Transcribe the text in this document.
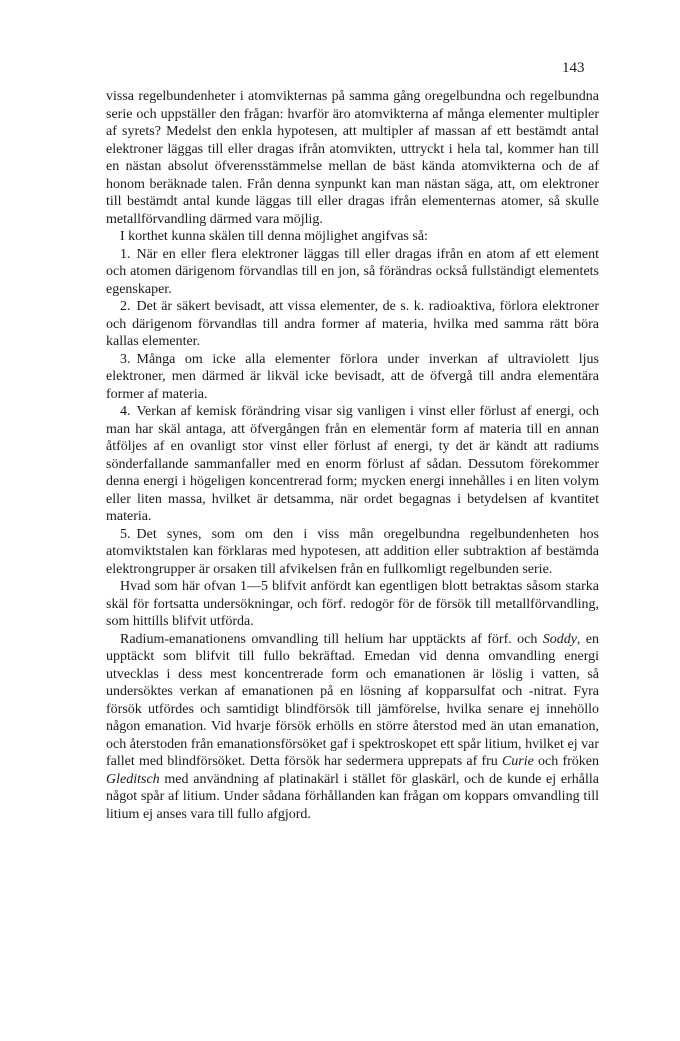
143

vissa regelbundenheter i atomvikternas på samma gång oregelbundna och regelbundna serie och uppställer den frågan: hvarför äro atomvikterna af många elementer multipler af syrets? Medelst den enkla hypotesen, att multipler af massan af ett bestämdt antal elektroner läggas till eller dragas ifrån atomvikten, uttryckt i hela tal, kommer han till en nästan absolut öfverensstämmelse mellan de bäst kända atomvikterna och de af honom beräknade talen. Från denna synpunkt kan man nästan säga, att, om elektroner till bestämdt antal kunde läggas till eller dragas ifrån elementernas atomer, så skulle metallförvandling därmed vara möjlig.

I korthet kunna skälen till denna möjlighet angifvas så:

1. När en eller flera elektroner läggas till eller dragas ifrån en atom af ett element och atomen därigenom förvandlas till en jon, så förändras också fullständigt elementets egenskaper.

2. Det är säkert bevisadt, att vissa elementer, de s. k. radioaktiva, förlora elektroner och därigenom förvandlas till andra former af materia, hvilka med samma rätt böra kallas elementer.

3. Många om icke alla elementer förlora under inverkan af ultraviolett ljus elektroner, men därmed är likväl icke bevisadt, att de öfvergå till andra elementära former af materia.

4. Verkan af kemisk förändring visar sig vanligen i vinst eller förlust af energi, och man har skäl antaga, att öfvergången från en elementär form af materia till en annan åtföljes af en ovanligt stor vinst eller förlust af energi, ty det är kändt att radiums sönderfallande sammanfaller med en enorm förlust af sådan. Dessutom förekommer denna energi i högeligen koncentrerad form; mycken energi innehålles i en liten volym eller liten massa, hvilket är detsamma, när ordet begagnas i betydelsen af kvantitet materia.

5. Det synes, som om den i viss mån oregelbundna regelbundenheten hos atomviktstalen kan förklaras med hypotesen, att addition eller subtraktion af bestämda elektrongrupper är orsaken till afvikelsen från en fullkomligt regelbunden serie.

Hvad som här ofvan 1—5 blifvit anfördt kan egentligen blott betraktas såsom starka skäl för fortsatta undersökningar, och förf. redogör för de försök till metallförvandling, som hittills blifvit utförda.

Radium-emanationens omvandling till helium har upptäckts af förf. och Soddy, en upptäckt som blifvit till fullo bekräftad. Emedan vid denna omvandling energi utvecklas i dess mest koncentrerade form och emanationen är löslig i vatten, så undersöktes verkan af emanationen på en lösning af kopparsulfat och -nitrat. Fyra försök utfördes och samtidigt blindförsök till jämförelse, hvilka senare ej innehöllo någon emanation. Vid hvarje försök erhölls en större återstod med än utan emanation, och återstoden från emanationsförsöket gaf i spektroskopet ett spår litium, hvilket ej var fallet med blindförsöket. Detta försök har sedermera upprepats af fru Curie och fröken Gleditsch med användning af platinakärl i stället för glaskärl, och de kunde ej erhålla något spår af litium. Under sådana förhållanden kan frågan om koppars omvandling till litium ej anses vara till fullo afgjord.
